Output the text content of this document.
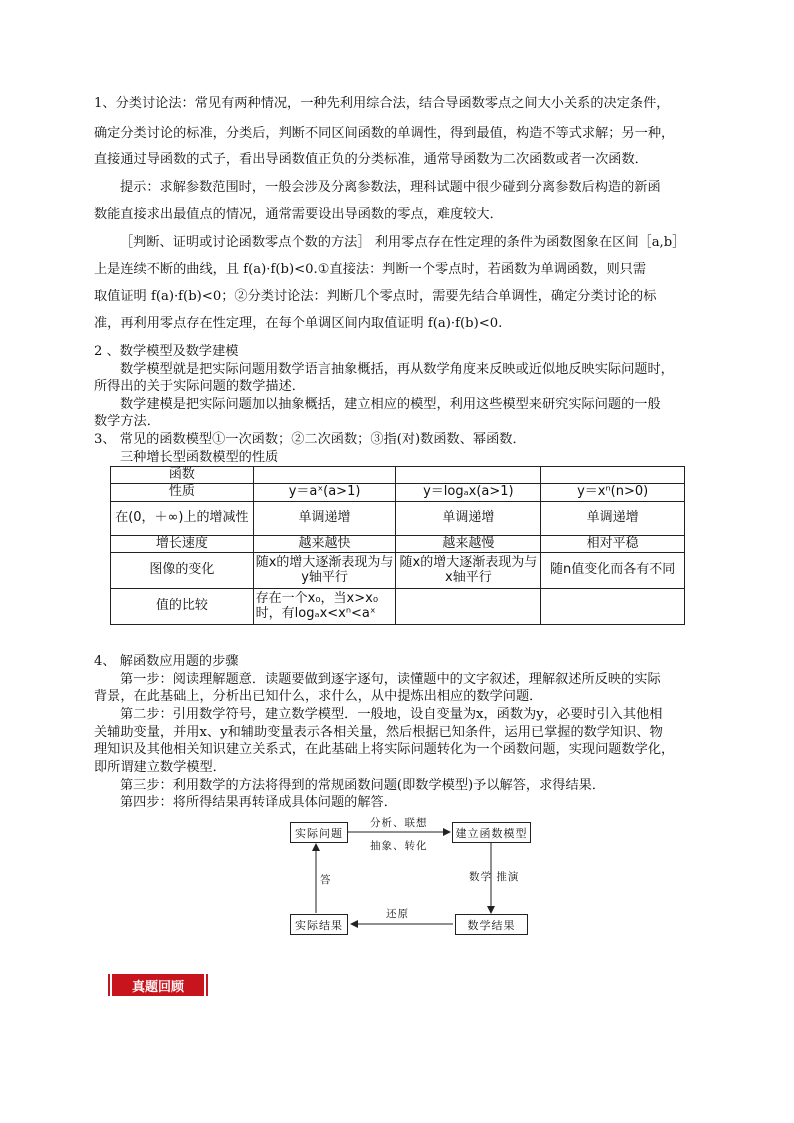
1、分类讨论法：常见有两种情况，一种先利用综合法，结合导函数零点之间大小关系的决定条件，
确定分类讨论的标准，分类后，判断不同区间函数的单调性，得到最值，构造不等式求解；另一种，
直接通过导函数的式子，看出导函数值正负的分类标准，通常导函数为二次函数或者一次函数．
提示：求解参数范围时，一般会涉及分离参数法，理科试题中很少碰到分离参数后构造的新函
数能直接求出最值点的情况，通常需要设出导函数的零点，难度较大．
［判断、证明或讨论函数零点个数的方法］ 利用零点存在性定理的条件为函数图象在区间［a,b］
上是连续不断的曲线，且 f(a)·f(b)<0.①直接法：判断一个零点时，若函数为单调函数，则只需
取值证明 f(a)·f(b)<0；②分类讨论法：判断几个零点时，需要先结合单调性，确定分类讨论的标
准，再利用零点存在性定理，在每个单调区间内取值证明 f(a)·f(b)<0.
2 、数学模型及数学建模
数学模型就是把实际问题用数学语言抽象概括，再从数学角度来反映或近似地反映实际问题时，
所得出的关于实际问题的数学描述．
数学建模是把实际问题加以抽象概括，建立相应的模型，利用这些模型来研究实际问题的一般
数学方法．
3、 常见的函数模型①一次函数；②二次函数；③指(对)数函数、幂函数．
三种增长型函数模型的性质
函数			
性质	y＝aˣ(a>1)	y＝logₐx(a>1)	y＝xⁿ(n>0)
在(0，＋∞)上的增减性	单调递增	单调递增	单调递增
增长速度	越来越快	越来越慢	相对平稳
图像的变化	随x的增大逐渐表现为与y轴平行	随x的增大逐渐表现为与x轴平行	随n值变化而各有不同
值的比较	存在一个x₀，当x>x₀时，有logₐx<xⁿ<aˣ		
4、 解函数应用题的步骤
第一步：阅读理解题意．读题要做到逐字逐句，读懂题中的文字叙述，理解叙述所反映的实际
背景，在此基础上，分析出已知什么，求什么，从中提炼出相应的数学问题．
第二步：引用数学符号，建立数学模型．一般地，设自变量为x，函数为y，必要时引入其他相
关辅助变量，并用x、y和辅助变量表示各相关量，然后根据已知条件，运用已掌握的数学知识、物
理知识及其他相关知识建立关系式，在此基础上将实际问题转化为一个函数问题，实现问题数学化，
即所谓建立数学模型．
第三步：利用数学的方法将得到的常规函数问题(即数学模型)予以解答，求得结果．
第四步：将所得结果再转译成具体问题的解答．
实际问题	建立函数模型
实际结果	数学结果
分析、联想
抽象、转化
数学 推演
答
还原
真题回顾
